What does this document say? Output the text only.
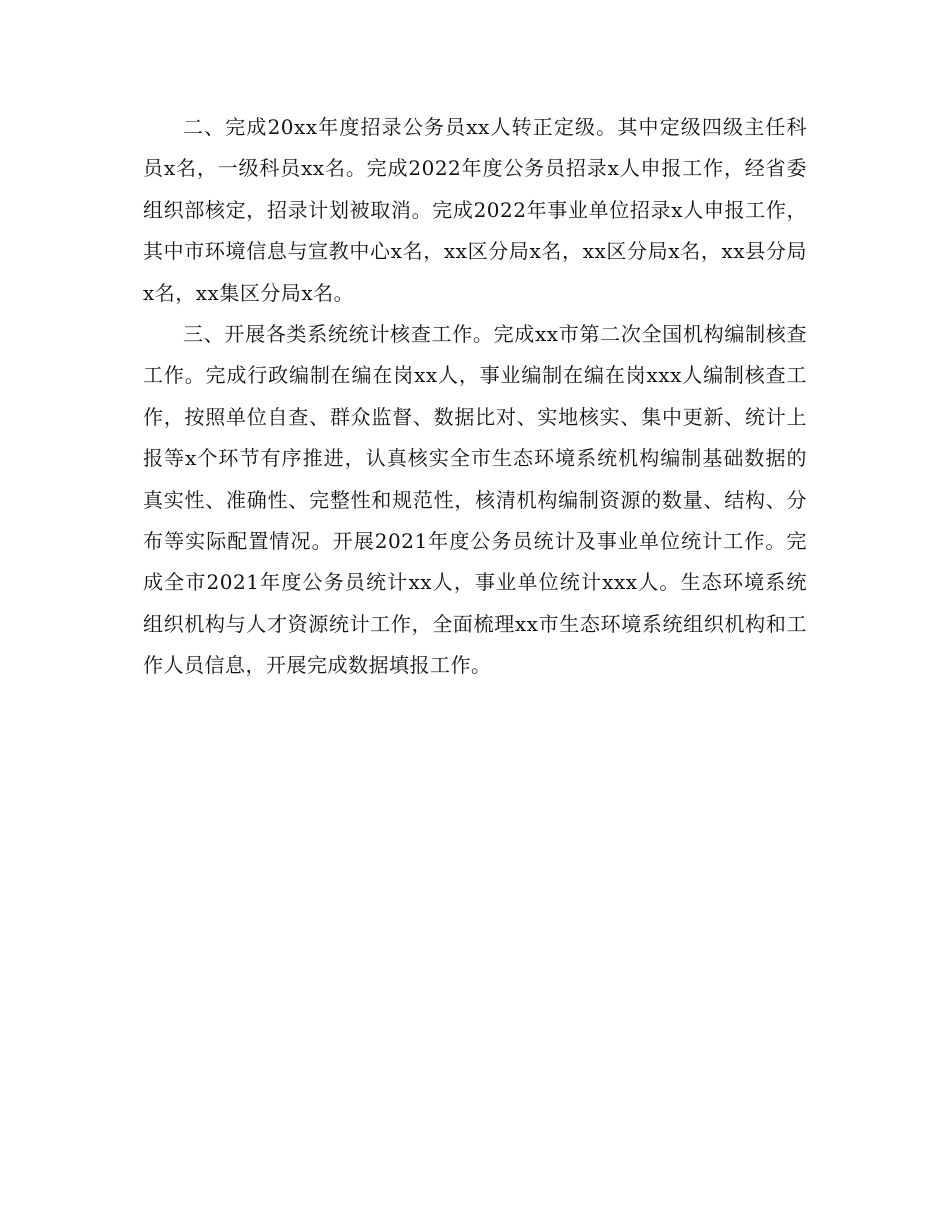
二、完成20xx年度招录公务员xx人转正定级。其中定级四级主任科员x名，一级科员xx名。完成2022年度公务员招录x人申报工作，经省委组织部核定，招录计划被取消。完成2022年事业单位招录x人申报工作，其中市环境信息与宣教中心x名，xx区分局x名，xx区分局x名，xx县分局x名，xx集区分局x名。

三、开展各类系统统计核查工作。完成xx市第二次全国机构编制核查工作。完成行政编制在编在岗xx人，事业编制在编在岗xxx人编制核查工作，按照单位自查、群众监督、数据比对、实地核实、集中更新、统计上报等x个环节有序推进，认真核实全市生态环境系统机构编制基础数据的真实性、准确性、完整性和规范性，核清机构编制资源的数量、结构、分布等实际配置情况。开展2021年度公务员统计及事业单位统计工作。完成全市2021年度公务员统计xx人，事业单位统计xxx人。生态环境系统组织机构与人才资源统计工作，全面梳理xx市生态环境系统组织机构和工作人员信息，开展完成数据填报工作。
